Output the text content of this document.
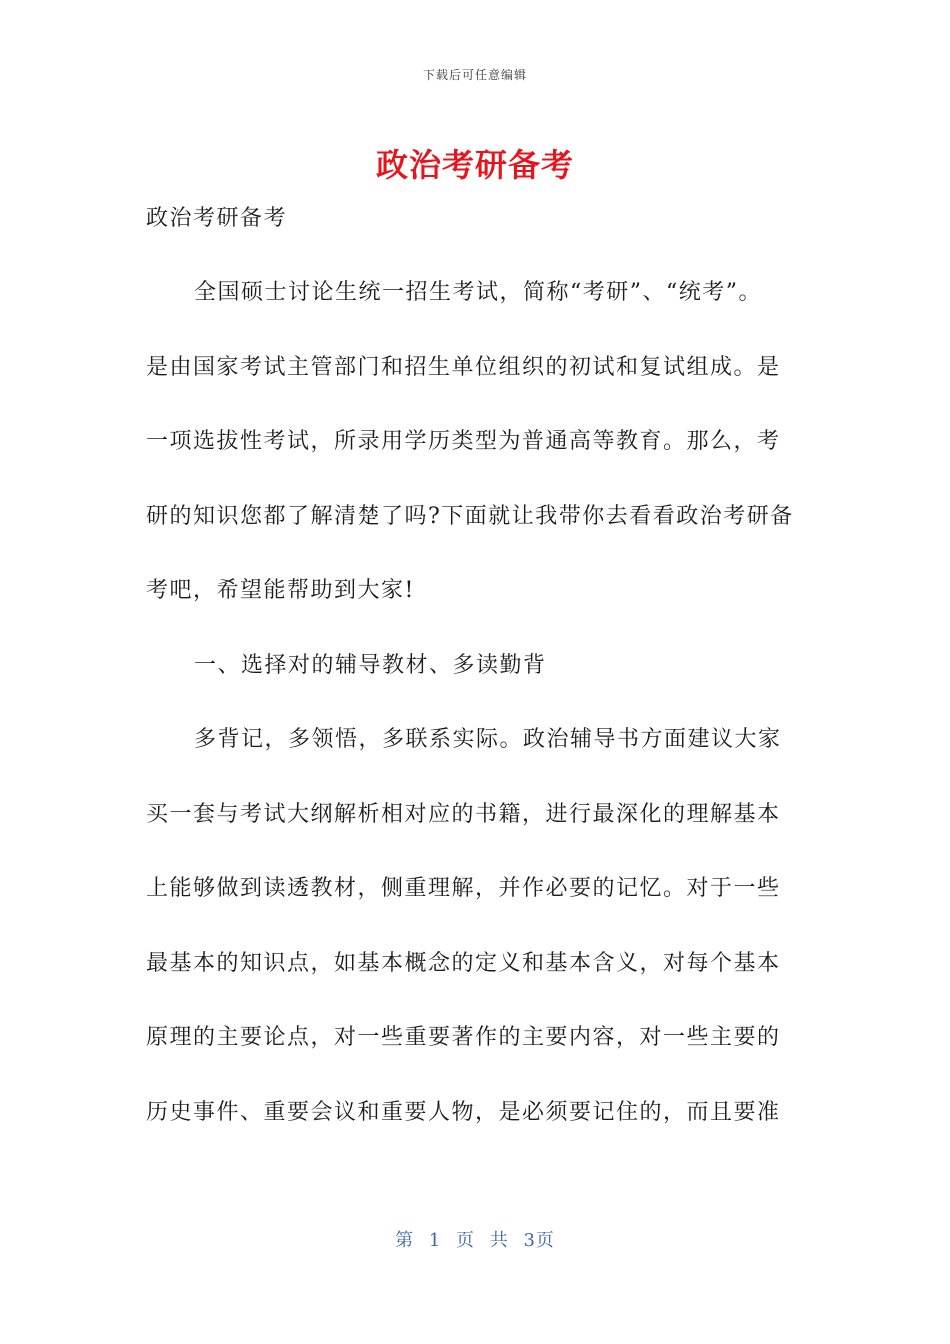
下载后可任意编辑
政治考研备考
政治考研备考
全国硕士讨论生统一招生考试，简称“考研”、“统考”。
是由国家考试主管部门和招生单位组织的初试和复试组成。是
一项选拔性考试，所录用学历类型为普通高等教育。那么，考
研的知识您都了解清楚了吗?下面就让我带你去看看政治考研备
考吧，希望能帮助到大家!
一、选择对的辅导教材、多读勤背
多背记，多领悟，多联系实际。政治辅导书方面建议大家
买一套与考试大纲解析相对应的书籍，进行最深化的理解基本
上能够做到读透教材，侧重理解，并作必要的记忆。对于一些
最基本的知识点，如基本概念的定义和基本含义，对每个基本
原理的主要论点，对一些重要著作的主要内容，对一些主要的
历史事件、重要会议和重要人物，是必须要记住的，而且要准
第 1 页 共 3页
